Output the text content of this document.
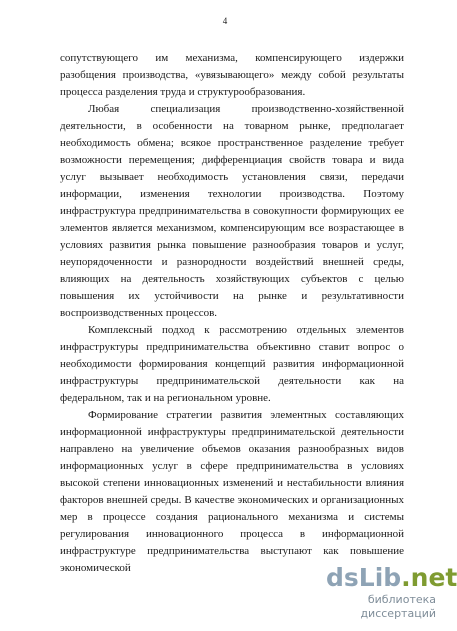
4

сопутствующего им механизма, компенсирующего издержки разобщения производства, «увязывающего» между собой результаты процесса разделения труда и структурообразования.

Любая специализация производственно-хозяйственной деятельности, в особенности на товарном рынке, предполагает необходимость обмена; всякое пространственное разделение требует возможности перемещения; дифференциация свойств товара и вида услуг вызывает необходимость установления связи, передачи информации, изменения технологии производства. Поэтому инфраструктура предпринимательства в совокупности формирующих ее элементов является механизмом, компенсирующим все возрастающее в условиях развития рынка повышение разнообразия товаров и услуг, неупорядоченности и разнородности воздействий внешней среды, влияющих на деятельность хозяйствующих субъектов с целью повышения их устойчивости на рынке и результативности воспроизводственных процессов.

Комплексный подход к рассмотрению отдельных элементов инфраструктуры предпринимательства объективно ставит вопрос о необходимости формирования концепций развития информационной инфраструктуры предпринимательской деятельности как на федеральном, так и на региональном уровне.

Формирование стратегии развития элементных составляющих информационной инфраструктуры предпринимательской деятельности направлено на увеличение объемов оказания разнообразных видов информационных услуг в сфере предпринимательства в условиях высокой степени инновационных изменений и нестабильности влияния факторов внешней среды. В качестве экономических и организационных мер в процессе создания рационального механизма и системы регулирования инновационного процесса в информационной инфраструктуре предпринимательства выступают как повышение экономической	dsLib.net
библиотека диссертаций
